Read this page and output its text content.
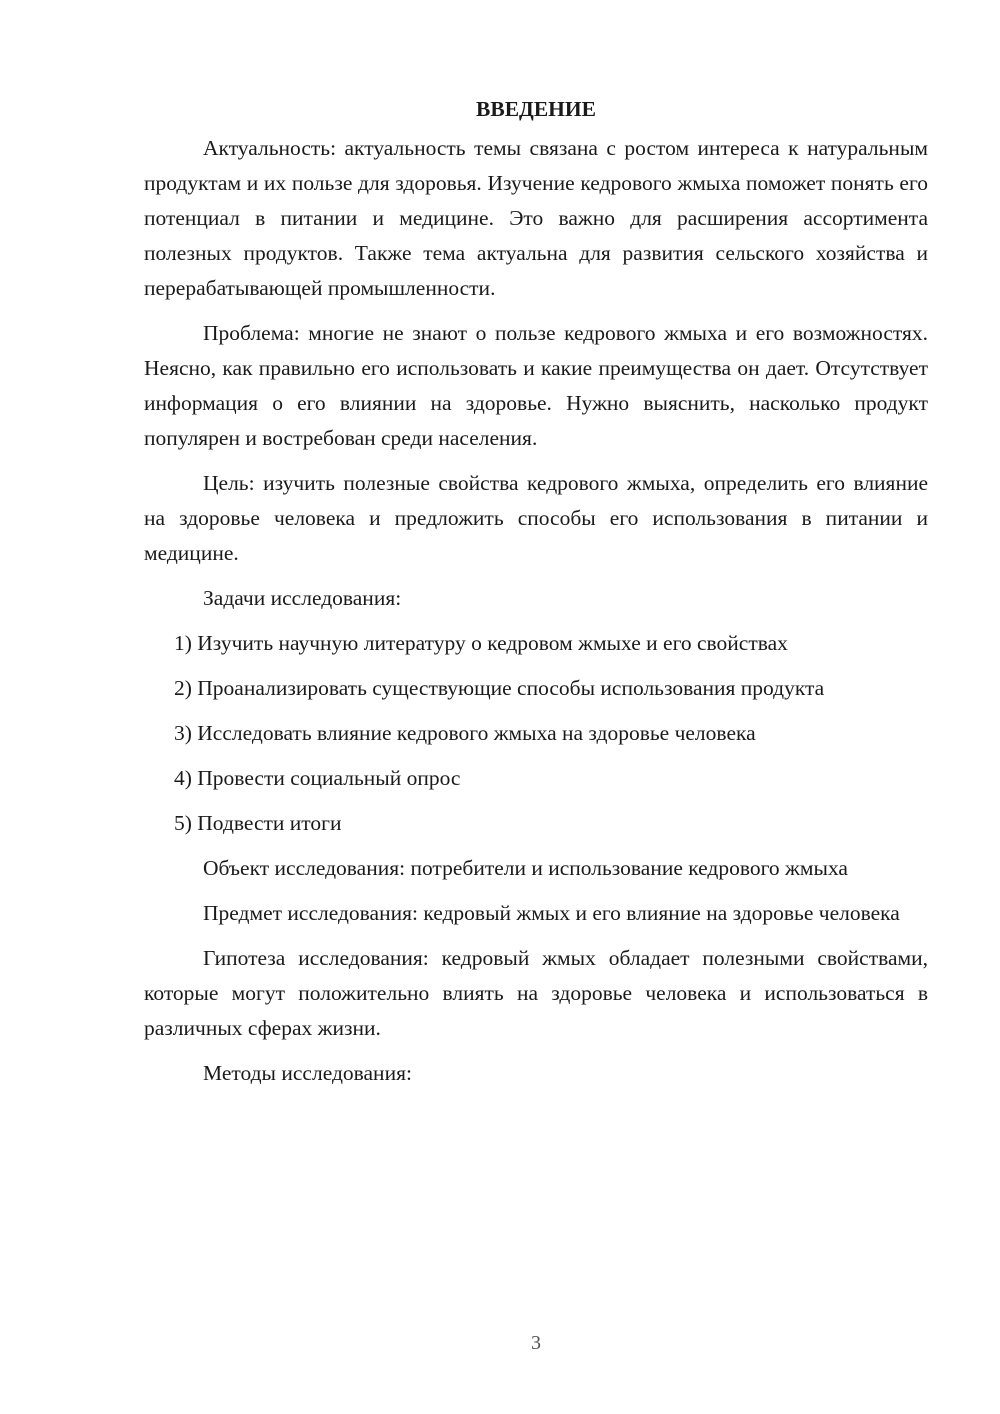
ВВЕДЕНИЕ

Актуальность: актуальность темы связана с ростом интереса к натуральным продуктам и их пользе для здоровья. Изучение кедрового жмыха поможет понять его потенциал в питании и медицине. Это важно для расширения ассортимента полезных продуктов. Также тема актуальна для развития сельского хозяйства и перерабатывающей промышленности.

Проблема: многие не знают о пользе кедрового жмыха и его возможностях. Неясно, как правильно его использовать и какие преимущества он дает. Отсутствует информация о его влиянии на здоровье. Нужно выяснить, насколько продукт популярен и востребован среди населения.

Цель: изучить полезные свойства кедрового жмыха, определить его влияние на здоровье человека и предложить способы его использования в питании и медицине.

Задачи исследования:

1) Изучить научную литературу о кедровом жмыхе и его свойствах

2) Проанализировать существующие способы использования продукта

3) Исследовать влияние кедрового жмыха на здоровье человека

4) Провести социальный опрос

5) Подвести итоги

Объект исследования: потребители и использование кедрового жмыха

Предмет исследования: кедровый жмых и его влияние на здоровье человека

Гипотеза исследования: кедровый жмых обладает полезными свойствами, которые могут положительно влиять на здоровье человека и использоваться в различных сферах жизни.

Методы исследования:

3
